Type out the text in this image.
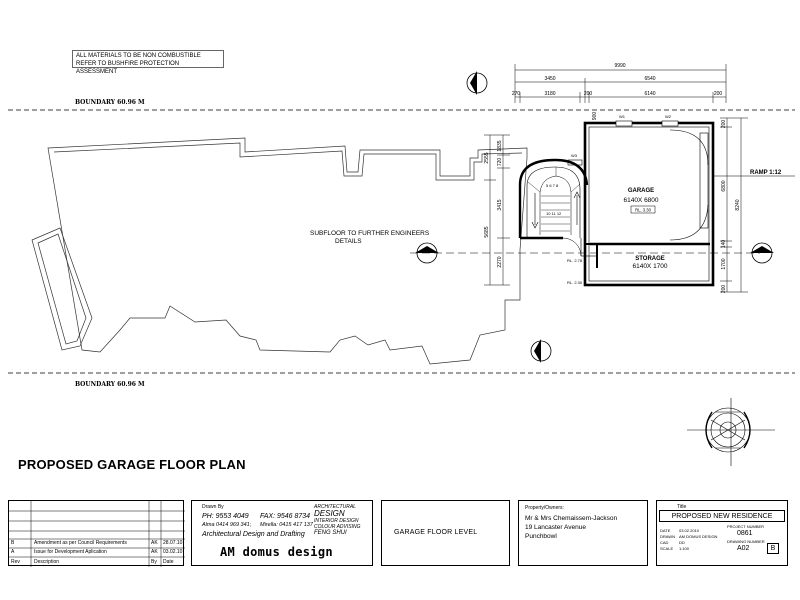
BOUNDARY 60.96 M
BOUNDARY 60.96 M
SUBFLOOR TO FURTHER ENGINEERS
DETAILS
W1	W2
W3
5 6 7 8
10 11 12
GARAGE
6140X 6800
RL. 3.30
STORAGE
6140X 1700
RL. 2.78
RL. 2.30
RAMP 1:12
9990
3450	6540
270	3180	200	6140	200
2555
1835
720
3415
5685
2270
900
200
6800
8240
140
1700
200
ALL MATERIALS TO BE NON COMBUSTIBLE
REFER TO BUSHFIRE PROTECTION ASSESSMENT
PROPOSED GARAGE FLOOR PLAN
B	Amendment as per Council Requirements	AK 28.07.10
A	Issue for Development Aplication	AK 03.02.10
Rev	Description	By Date
Drawn By
PH: 9553 4049 FAX: 9546 8734
Alma 0414 969 341; Mirella: 0415 417 137
Architectural Design and Drafting
AM domus design
ARCHITECTURAL
DESIGN
INTERIOR DESIGN
COLOUR ADVISING
FENG SHUI	GARAGE FLOOR LEVEL
Property/Owners:
Mr & Mrs Chemaissem-Jackson
19 Lancaster Avenue
Punchbowl
Title
PROPOSED NEW RESIDENCE
DATE 03.02.2010
DRAWN AM DOMUS DESIGN
CAD	DD
SCALE 1:100
PROJECT NUMBER
0861
DRAWING NUMBER
A02	B
